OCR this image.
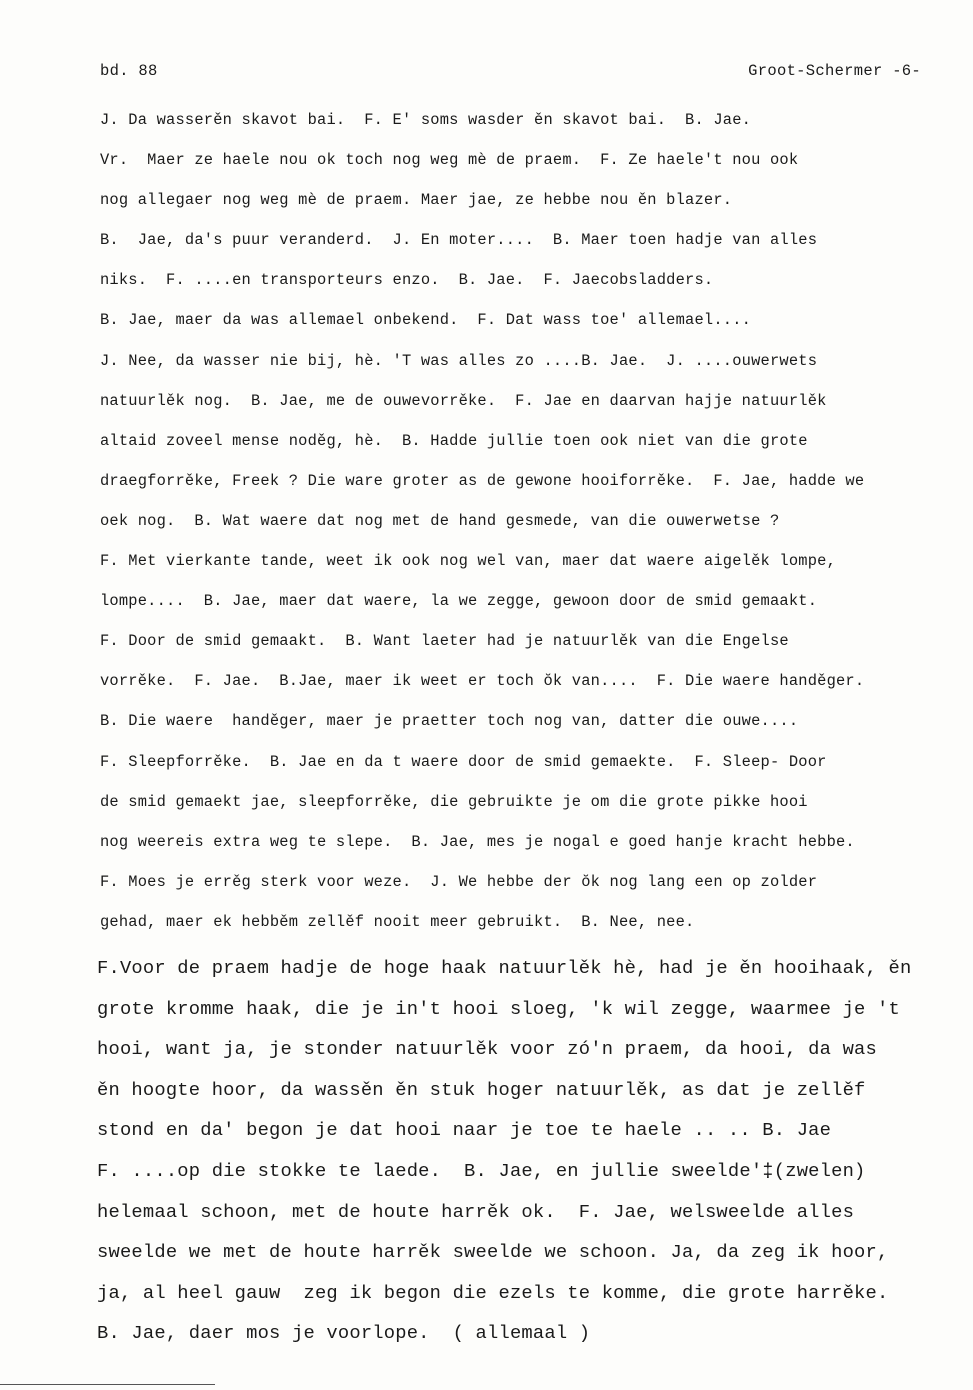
bd. 88	Groot-Schermer -6-
J. Da wasserěn skavot bai.  F. E' soms wasder ěn skavot bai.  B. Jae.
Vr.  Maer ze haele nou ok toch nog weg mè de praem.  F. Ze haele't nou ook
nog allegaer nog weg mè de praem. Maer jae, ze hebbe nou ěn blazer.
B.  Jae, da's puur veranderd.  J. En moter....  B. Maer toen hadje van alles
niks.  F. ....en transporteurs enzo.  B. Jae.  F. Jaecobsladders.
B. Jae, maer da was allemael onbekend.  F. Dat wass toe' allemael....
J. Nee, da wasser nie bij, hè. 'T was alles zo ....B. Jae.  J. ....ouwerwets
natuurlěk nog.  B. Jae, me de ouwevorrěke.  F. Jae en daarvan hajje natuurlěk
altaid zoveel mense noděg, hè.  B. Hadde jullie toen ook niet van die grote
draegforrěke, Freek ? Die ware groter as de gewone hooiforrěke.  F. Jae, hadde we
oek nog.  B. Wat waere dat nog met de hand gesmede, van die ouwerwetse ?
F. Met vierkante tande, weet ik ook nog wel van, maer dat waere aigelěk lompe,
lompe....  B. Jae, maer dat waere, la we zegge, gewoon door de smid gemaakt.
F. Door de smid gemaakt.  B. Want laeter had je natuurlěk van die Engelse
vorrěke.  F. Jae.  B.Jae, maer ik weet er toch ŏk van....  F. Die waere handěger.
B. Die waere  handěger, maer je praetter toch nog van, datter die ouwe....
F. Sleepforrěke.  B. Jae en da t waere door de smid gemaekte.  F. Sleep- Door
de smid gemaekt jae, sleepforrěke, die gebruikte je om die grote pikke hooi
nog weereis extra weg te slepe.  B. Jae, mes je nogal e goed hanje kracht hebbe.
F. Moes je errěg sterk voor weze.  J. We hebbe der ŏk nog lang een op zolder
gehad, maer ek hebběm zellěf nooit meer gebruikt.  B. Nee, nee.
F.Voor de praem hadje de hoge haak natuurlěk hè, had je ěn hooihaak, ěn
grote kromme haak, die je in't hooi sloeg, 'k wil zegge, waarmee je 't
hooi, want ja, je stonder natuurlěk voor zó'n praem, da hooi, da was
ěn hoogte hoor, da wassěn ěn stuk hoger natuurlěk, as dat je zellěf
stond en da' begon je dat hooi naar je toe te haele .. .. B. Jae
F. ....op die stokke te laede.  B. Jae, en jullie sweelde'‡(zwelen)
helemaal schoon, met de houte harrěk ok.  F. Jae, welsweelde alles
sweelde we met de houte harrěk sweelde we schoon. Ja, da zeg ik hoor,
ja, al heel gauw  zeg ik begon die ezels te komme, die grote harrěke.
B. Jae, daer mos je voorlope.  ( allemaal )
